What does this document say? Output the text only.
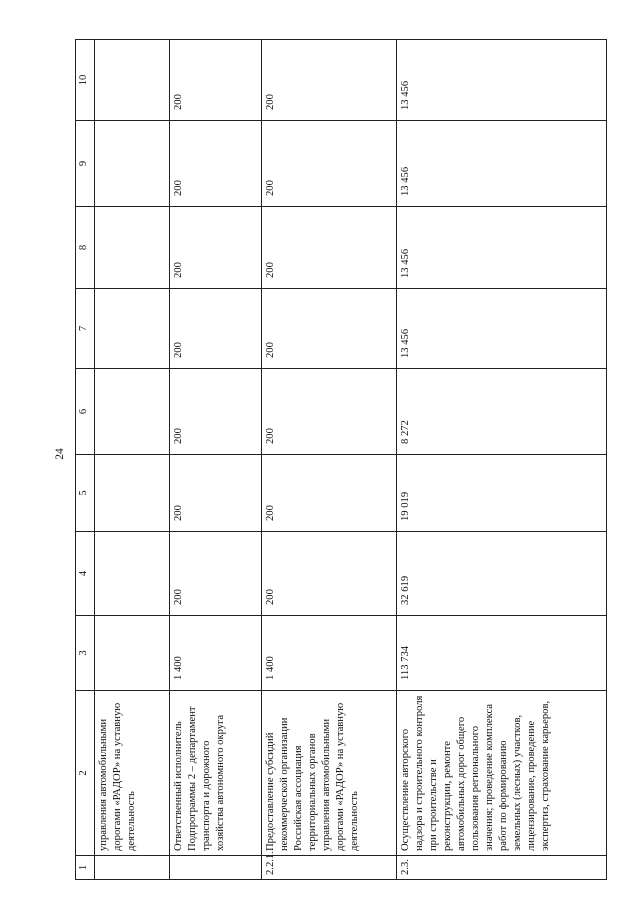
24
1	2	3	4	5	6	7	8	9	10
	управления автомобильными дорогами «РАДОР» на уставную деятельность								
	Ответственный исполнитель Подпрограммы 2 – департамент транспорта и дорожного хозяйства автономного округа	1 400	200	200	200	200	200	200	200
2.2.1.	Предоставление субсидий некоммерческой организации Российская ассоциация территориальных органов управления автомобильными дорогами «РАДОР» на уставную деятельность	1 400	200	200	200	200	200	200	200
2.3.	Осуществление авторского надзора и строительного контроля при строительстве и реконструкции, ремонте автомобильных дорог общего пользования регионального значения; проведение комплекса работ по формированию земельных (лесных) участков, лицензирование, проведение экспертиз, страхование карьеров,	113 734	32 619	19 019	8 272	13 456	13 456	13 456	13 456
